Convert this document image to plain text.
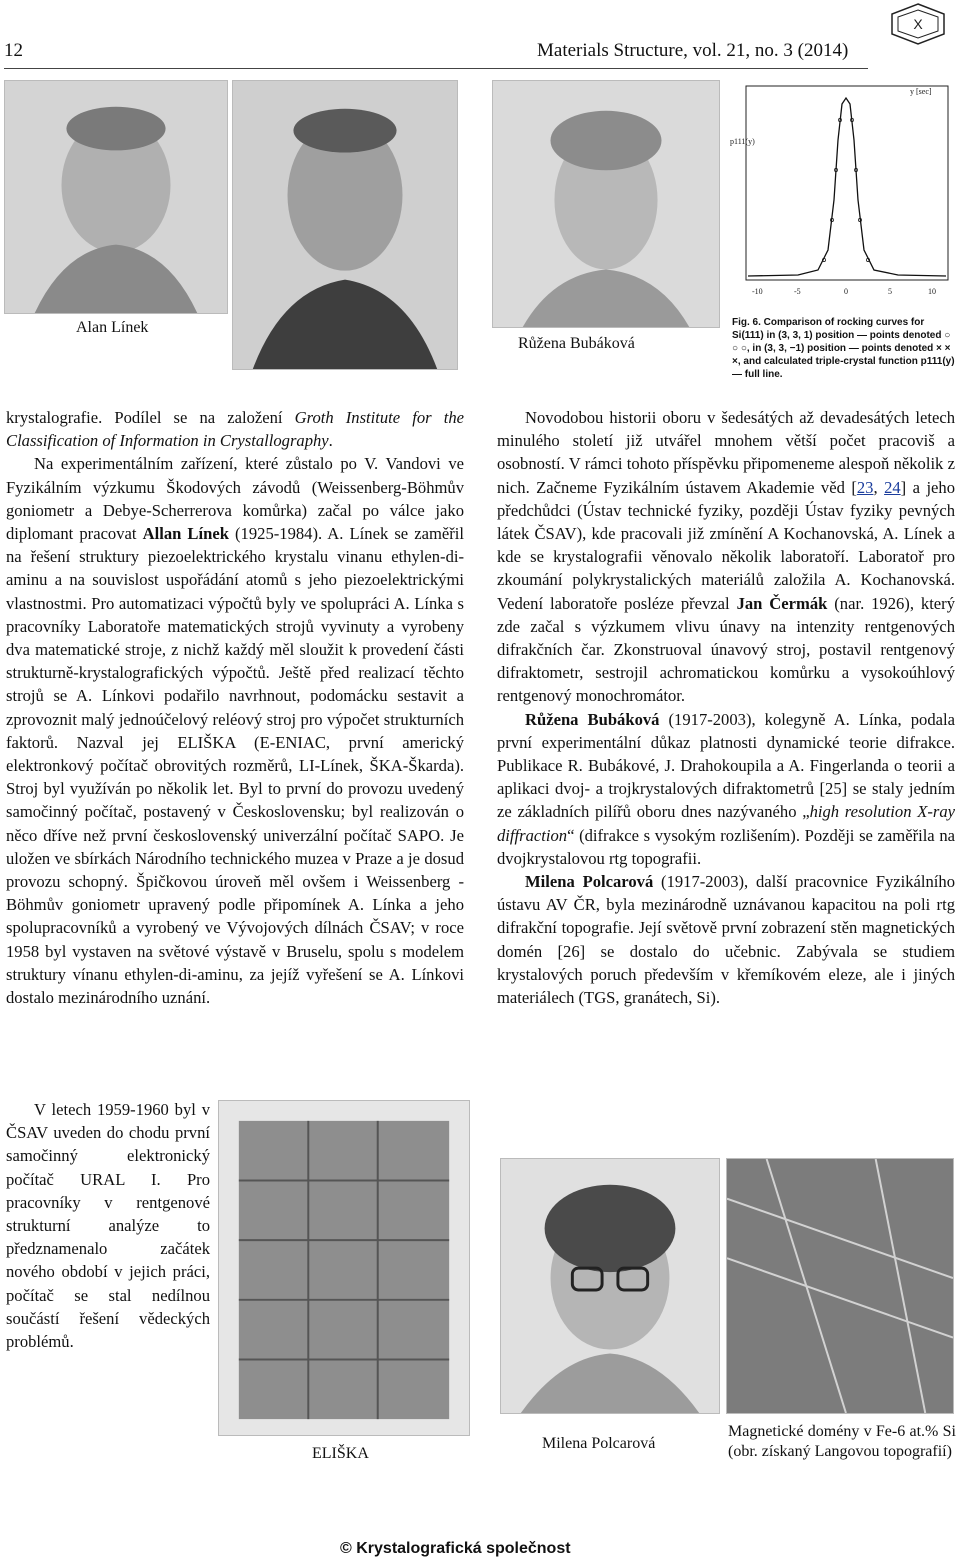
12	Materials Structure, vol. 21, no. 3 (2014)
X
Alan Línek
Růžena Bubáková
p111(y)
y [sec]
-10	-5	0	5	10
Fig. 6. Comparison of rocking curves for Si(111) in (3, 3, 1) position — points denoted ○ ○ ○, in (3, 3, −1) position — points denoted × × ×, and calculated triple-crystal function p111(y) — full line.

krystalografie. Podílel se na založení Groth Institute for the Classification of Information in Crystallography.

Na experimentálním zařízení, které zůstalo po V. Vandovi ve Fyzikálním výzkumu Škodových závodů (Weissenberg-Böhmův goniometr a Debye-Scherrerova komůrka) začal po válce jako diplomant pracovat Allan Línek (1925-1984). A. Línek se zaměřil na řešení struktury piezoelektrického krystalu vinanu ethylen-di-aminu a na souvislost uspořádání atomů s jeho piezoelektrickými vlastnostmi. Pro automatizaci výpočtů byly ve spolupráci A. Línka s pracovníky Laboratoře matematických strojů vyvinuty a vyrobeny dva matematické stroje, z nichž každý měl sloužit k provedení části strukturně-krystalografických výpočtů. Ještě před realizací těchto strojů se A. Línkovi podařilo navrhnout, podomácku sestavit a zprovoznit malý jednoúčelový reléový stroj pro výpočet strukturních faktorů. Nazval jej ELIŠKA (E-ENIAC, první americký elektronkový počítač obrovitých rozměrů, LI-Línek, ŠKA-Škarda). Stroj byl využíván po několik let. Byl to první do provozu uvedený samočinný počítač, postavený v Československu; byl realizován o něco dříve než první československý univerzální počítač SAPO. Je uložen ve sbírkách Národního technického muzea v Praze a je dosud provozu schopný. Špičkovou úroveň měl ovšem i Weissenberg - Böhmův goniometr upravený podle připomínek A. Línka a jeho spolupracovníků a vyrobený ve Vývojových dílnách ČSAV; v roce 1958 byl vystaven na světové výstavě v Bruselu, spolu s modelem struktury vínanu ethylen-di-aminu, za jejíž vyřešení se A. Línkovi dostalo mezinárodního uznání.

V letech 1959-1960 byl v ČSAV uveden do chodu první samočinný elektronický počítač URAL I. Pro pracovníky v rentgenové strukturní analýze to předznamenalo začátek nového období v jejich práci, počítač se stal nedílnou součástí řešení vědeckých problémů.

ELIŠKA

Novodobou historii oboru v šedesátých až devadesátých letech minulého století již utvářel mnohem větší počet pracoviš a osobností. V rámci tohoto příspěvku připomeneme alespoň několik z nich. Začneme Fyzikálním ústavem Akademie věd [23, 24] a jeho předchůdci (Ústav technické fyziky, později Ústav fyziky pevných látek ČSAV), kde pracovali již zmínění A Kochanovská, A. Línek a kde se krystalografii věnovalo několik laboratoří. Laboratoř pro zkoumání polykrystalických materiálů založila A. Kochanovská. Vedení laboratoře posléze převzal Jan Čermák (nar. 1926), který zde začal s výzkumem vlivu únavy na intenzity rentgenových difrakčních čar. Zkonstruoval únavový stroj, postavil rentgenový difraktometr, sestrojil achromatickou komůrku a vysokoúhlový rentgenový monochromátor.

Růžena Bubáková (1917-2003), kolegyně A. Línka, podala první experimentální důkaz platnosti dynamické teorie difrakce. Publikace R. Bubákové, J. Drahokoupila a A. Fingerlanda o teorii a aplikaci dvoj- a trojkrystalových difraktometrů [25] se staly jedním ze základních pilířů oboru dnes nazývaného „high resolution X-ray diffraction“ (difrakce s vysokým rozlišením). Později se zaměřila na dvojkrystalovou rtg topografii.

Milena Polcarová (1917-2003), další pracovnice Fyzikálního ústavu AV ČR, byla mezinárodně uznávanou kapacitou na poli rtg difrakční topografie. Její světově první zobrazení stěn magnetických domén [26] se dostalo do učebnic. Zabývala se studiem krystalových poruch především v křemíkovém eleze, ale i jiných materiálech (TGS, granátech, Si).

Milena Polcarová
Magnetické domény v Fe-6 at.% Si (obr. získaný Langovou topografií)
© Krystalografická společnost
